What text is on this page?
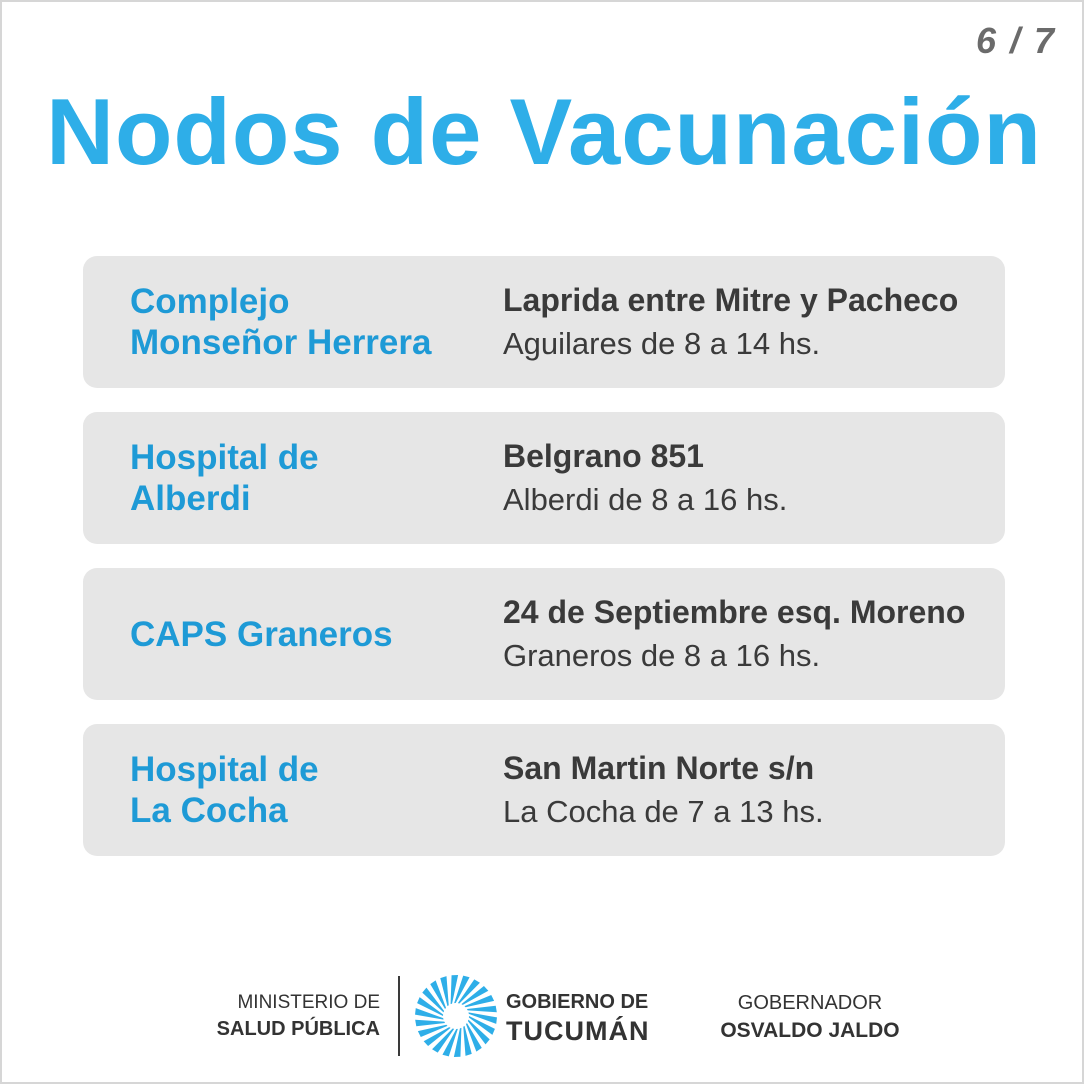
6 / 7
Nodos de Vacunación
Complejo
Monseñor Herrera
Laprida entre Mitre y Pacheco
Aguilares de 8 a 14 hs.
Hospital de
Alberdi
Belgrano 851
Alberdi de 8 a 16 hs.
CAPS Graneros
24 de Septiembre esq. Moreno
Graneros de 8 a 16 hs.
Hospital de
La Cocha
San Martin Norte s/n
La Cocha de 7 a 13 hs.
MINISTERIO DE
SALUD PÚBLICA
GOBIERNO DE
TUCUMÁN
GOBERNADOR
OSVALDO JALDO
